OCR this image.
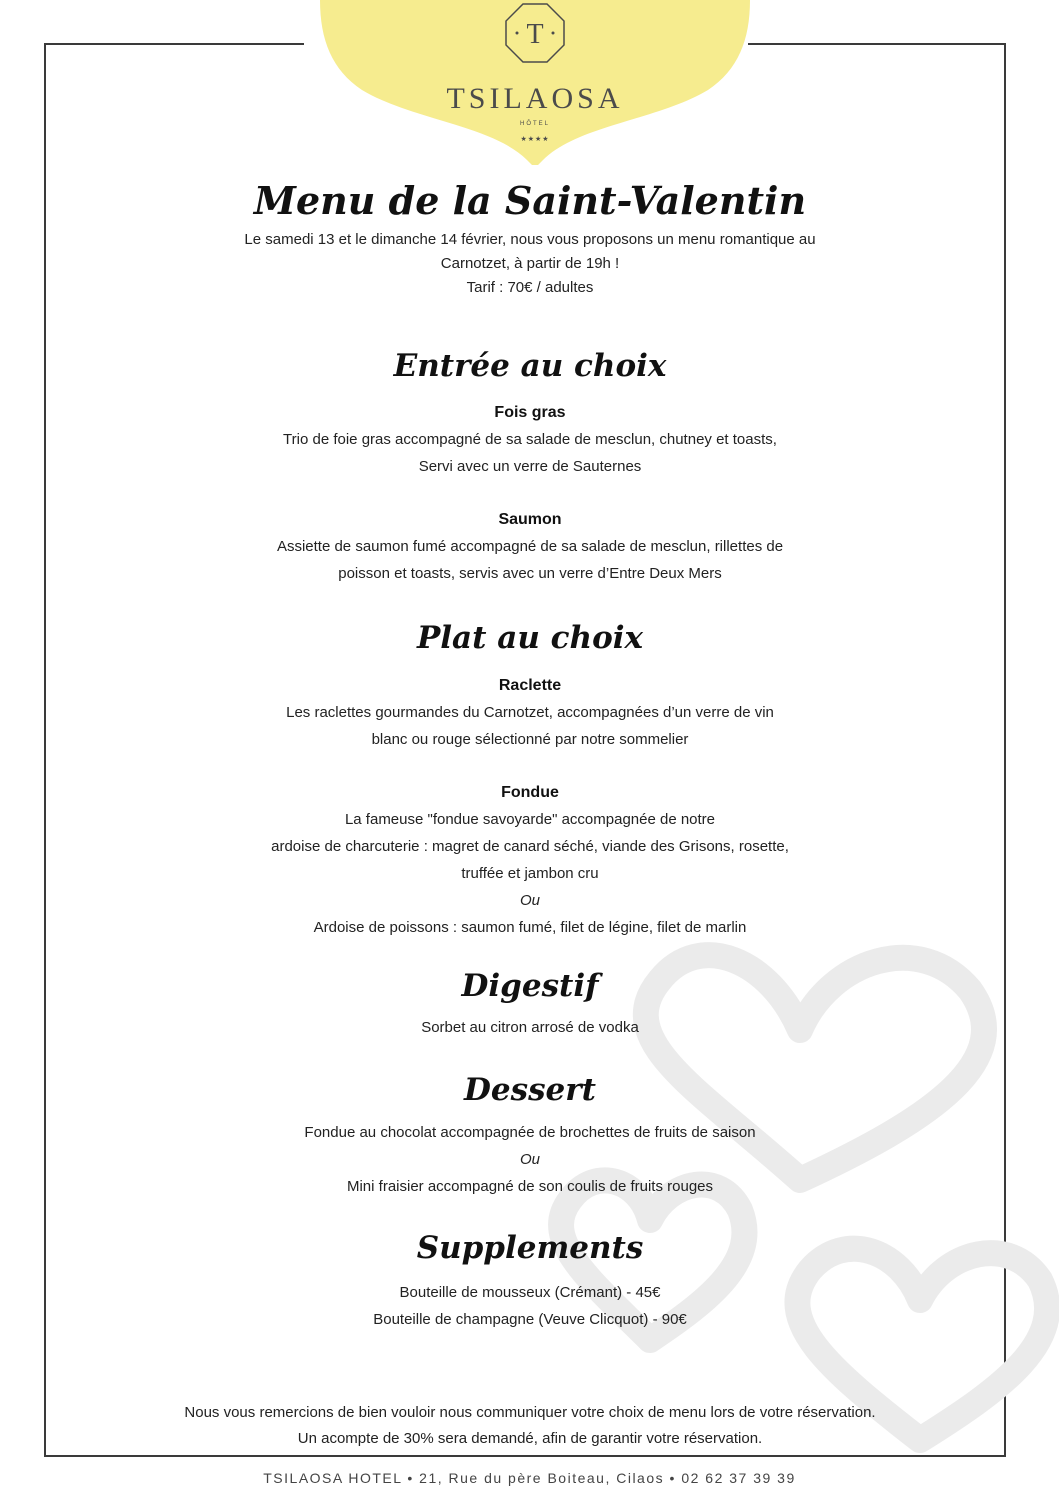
T
TSILAOSA
HÔTEL
★★★★
Menu de la Saint-Valentin

Le samedi 13 et le dimanche 14 février, nous vous proposons un menu romantique au

Carnotzet, à partir de 19h !

Tarif : 70€ / adultes

Entrée au choix

Fois gras

Trio de foie gras accompagné de sa salade de mesclun, chutney et toasts,

Servi avec un verre de Sauternes

Saumon

Assiette de saumon fumé accompagné de sa salade de mesclun, rillettes de

poisson et toasts, servis avec un verre d’Entre Deux Mers

Plat au choix

Raclette

Les raclettes gourmandes du Carnotzet, accompagnées d’un verre de vin

blanc ou rouge sélectionné par notre sommelier

Fondue

La fameuse "fondue savoyarde" accompagnée de notre

ardoise de charcuterie : magret de canard séché, viande des Grisons, rosette,

truffée et jambon cru

Ou

Ardoise de poissons : saumon fumé, filet de légine, filet de marlin

Digestif

Sorbet au citron arrosé de vodka

Dessert

Fondue au chocolat accompagnée de brochettes de fruits de saison

Ou

Mini fraisier accompagné de son coulis de fruits rouges

Supplements

Bouteille de mousseux (Crémant) - 45€

Bouteille de champagne (Veuve Clicquot) - 90€

Nous vous remercions de bien vouloir nous communiquer votre choix de menu lors de votre réservation.

Un acompte de 30% sera demandé, afin de garantir votre réservation.

TSILAOSA HOTEL • 21, Rue du père Boiteau, Cilaos • 02 62 37 39 39
